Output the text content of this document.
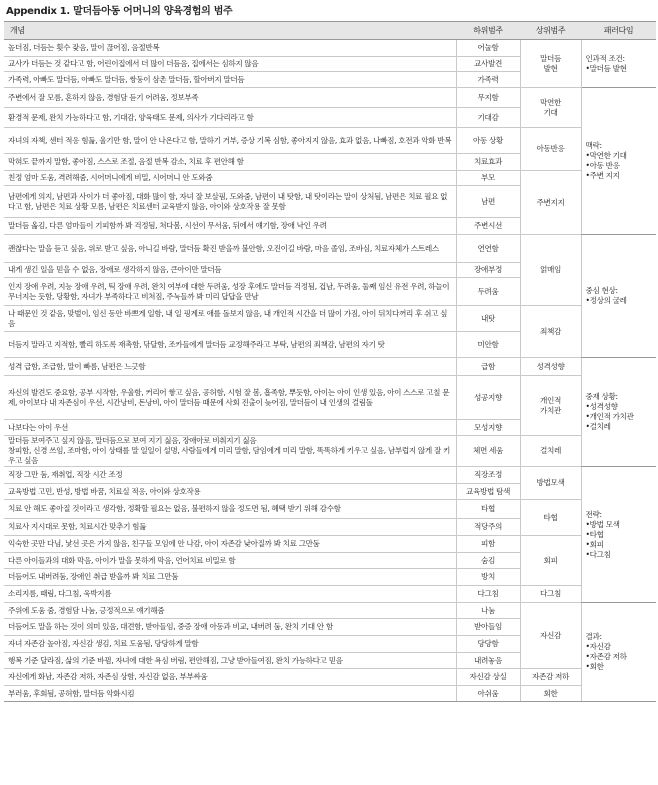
Appendix 1. 말더듬아동 어머니의 양육경험의 범주
개념	하위범주	상위범주	패러다임
높더짐, 더듬는 횟수 잦음, 말이 끊어짐, 음절반복	어눌함	말더듬
발현	인과적 조건:
•말더듬 발현
교사가 더듬는 것 같다고 함, 어린이집에서 더 많이 더듬음, 집에서는 심하지 않음	교사발견		
가족력, 아빠도 말더듬, 아빠도 말더듬, 쌍둥이 삼촌 말더듬, 할아버지 말더듬	가족력		
주변에서 잘 모름, 혼하지 않음, 경험담 듣기 어려움, 정보부족	무지함	막연한
기대	맥락:
•막연한 기대
•아동 반응
•주변 지지
환경적 문제, 완치 가능하다고 함, 기대감, 양육태도 문제, 의사가 기다리라고 함	기대감		
자녀의 자책, 센터 적응 힘듦, 울기만 함, 말이 안 나온다고 함, 말하기 거부, 증상 기복 심함, 좋아지지 않음, 효과 없음, 나빠짐, 호전과 악화 반복	아동 상황	아동반응	
막혀도 끝까지 말함, 좋아짐, 스스로 조절, 음절 반복 감소, 치료 후 편안해 함	치료효과		
친정 엄마 도움, 격려해줌, 시어머니에게 비밀, 시어머니 안 도와줌	부모	주변지지	
남편에게 의지, 남편과 사이가 더 좋아짐, 대화 많이 함, 자녀 잘 보살핌, 도와줌, 남편이 내 탓함, 내 탓이라는 말이 상처됨, 남편은 치료 필요 없다고 함, 남편은 치료 상황 모름, 남편은 치료센터 교육받지 않음, 아이와 상호작용 잘 못함	남편		
말더듬 옮김, 다른 엄마들이 기피함까 봐 걱정됨, 쳐다봄, 시선이 무서움, 뒤에서 얘기함, 장애 낙인 우려	주변시선		
괜찮다는 말을 듣고 싶음, 위로 받고 싶음, 아니길 바람, 말더듬 확진 받을까 불안함, 오진이길 바람, 마음 졸임, 조바심, 치료자체가 스트레스	연연함	얽매임	중심 현상:
•정상의 굴레
내게 생긴 일을 믿을 수 없음, 장애로 생각하지 않음, 큰아이만 말더듬	장애부정		
인지 장애 우려, 지능 장애 우려, 틱 장애 우려, 완치 여부에 대한 두려움, 성장 후에도 말더듬 걱정됨, 겁남, 두려움, 둘째 임신 유전 우려, 하늘이 무너지는 듯함, 당황함, 자녀가 부족하다고 비쳐짐, 주눅들까 봐 미리 답답을 만남	두려움		
나 때문인 것 같음, 맞벌이, 임신 동안 바쁘게 일함, 내 일 핑계로 애를 돌보지 않음, 내 개인적 시간을 더 많이 가짐, 아이 뒤치다꺼리 후 쉬고 싶음	내탓	죄책감	
더듬지 말라고 지적함, 빨리 하도록 재촉함, 닦달함, 조카들에게 말더듬 교정해주라고 부탁, 남편의 죄책감, 남편의 자기 탓	미안함		
성격 급함, 조급함, 말이 빠름, 남편은 느긋함	급함	성격성향	중재 상황:
•성격성향
•개인적 가치관
•걸치레
자신의 발견도 중요함, 공부 시작함, 우울함, 커리어 쌓고 싶음, 공허함, 시험 잘 봄, 흡족함, 뿌듯함, 아이는 아이 인생 있음, 아이 스스로 고칠 문제, 아이보다 내 자존심이 우선, 시간낭비, 돈낭비, 아이 말더듬 때문에 사회 진출이 늦어짐, 말더듬이 내 인생의 걸림돌	성공지향	개인적
가치관	
나보다는 아이 우선	모성지향		
말더듬 보여주고 싶지 않음, 말더듬으로 보여 지기 싫음, 장애아로 비춰지기 싫음
창피함, 신경 쓰임, 조마함, 아이 상태를 말 일일이 설명, 사람들에게 미리 말함, 담임에게 미리 말함, 똑똑하게 키우고 싶음, 남부럽지 않게 잘 키우고 싶음	체면 세움	걸치레	
직장 그만 둠, 재취업, 직장 시간 조정	직장조정	방법모색	전략:
•방법 모색
•타협
•회피
•다그침
교육방법 고민, 반성, 방법 바꿈, 치료실 적응, 아이와 상호작용	교육방법 탐색		
치료 안 해도 좋아질 것이라고 생각함, 정확할 필요는 없음, 불편하지 않을 정도면 됨, 혜택 받기 위해 감수함	타협	타협	
치료사 지시대로 못함, 치료시간 맞추기 힘듦	적당주의		
익숙한 곳만 다님, 낯선 곳은 가지 않음, 친구들 모임에 안 나감, 아이 자존감 낮아질까 봐 치료 그만둠	피함	회피	
다른 아이들과의 대화 막음, 아이가 말을 못하게 막음, 언어치료 비밀로 함	숨김		
더듬어도 내버려둠, 장애인 취급 받을까 봐 치료 그만둠	방치		
소리지름, 때림, 다그침, 욱박지름	다그침	다그침	
주위에 도움 줌, 경험담 나눔, 긍정적으로 얘기해줌	나눔	자신감	결과:
•자신감
•자존감 저하
•회한
더듬어도 말을 하는 것이 의미 있음, 대견함, 받아들임, 중증 장애 아동과 비교, 내버려 둠, 완치 기대 안 함	받아들임		
자녀 자존감 높아짐, 자신감 생김, 치료 도움됨, 당당하게 말함	당당함		
행복 기준 달라짐, 삶의 기준 바뀜, 자녀에 대한 욕심 버림, 편안해짐, 그냥 받아들여짐, 완치 가능하다고 믿음	내려놓음		
자신에게 화남, 자존감 저하, 자존심 상함, 자신감 없음, 부부싸움	자신감 상실	자존감 저하	
부러움, 후회됨, 공허함, 말더듬 악화시킴	아쉬움	회한	
